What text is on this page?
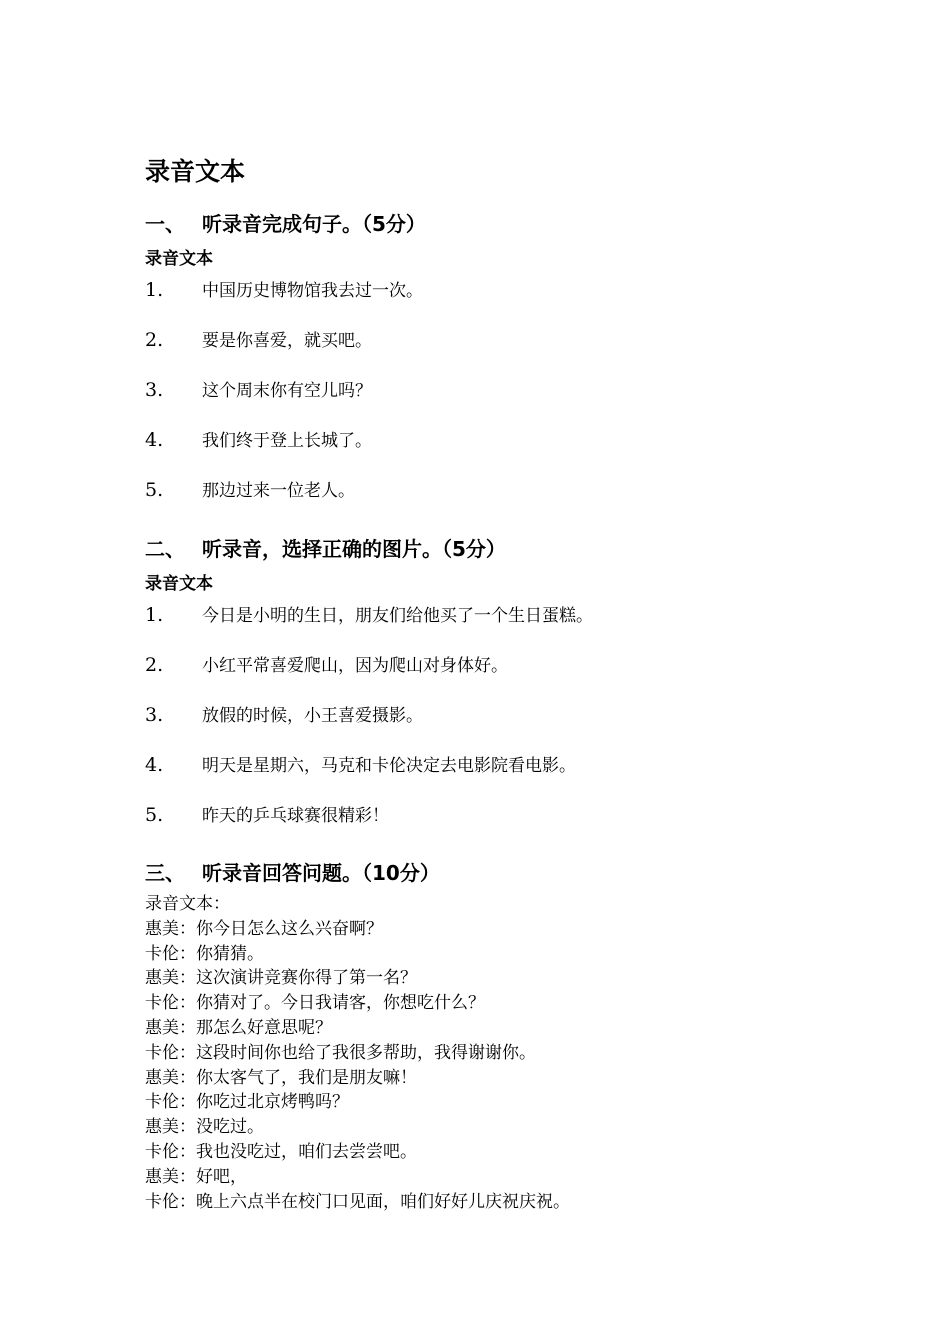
录音文本
一、 听录音完成句子。（5分）
录音文本
1.	中国历史博物馆我去过一次。
2.	要是你喜爱，就买吧。
3.	这个周末你有空儿吗？
4.	我们终于登上长城了。
5.	那边过来一位老人。
二、 听录音，选择正确的图片。（5分）
录音文本
1.	今日是小明的生日，朋友们给他买了一个生日蛋糕。
2.	小红平常喜爱爬山，因为爬山对身体好。
3.	放假的时候，小王喜爱摄影。
4.	明天是星期六，马克和卡伦决定去电影院看电影。
5.	昨天的乒乓球赛很精彩！
三、 听录音回答问题。（10分）
录音文本：
惠美：你今日怎么这么兴奋啊？
卡伦：你猜猜。
惠美：这次演讲竞赛你得了第一名？
卡伦：你猜对了。今日我请客，你想吃什么？
惠美：那怎么好意思呢？
卡伦：这段时间你也给了我很多帮助，我得谢谢你。
惠美：你太客气了，我们是朋友嘛！
卡伦：你吃过北京烤鸭吗？
惠美：没吃过。
卡伦：我也没吃过，咱们去尝尝吧。
惠美：好吧，
卡伦：晚上六点半在校门口见面，咱们好好儿庆祝庆祝。
